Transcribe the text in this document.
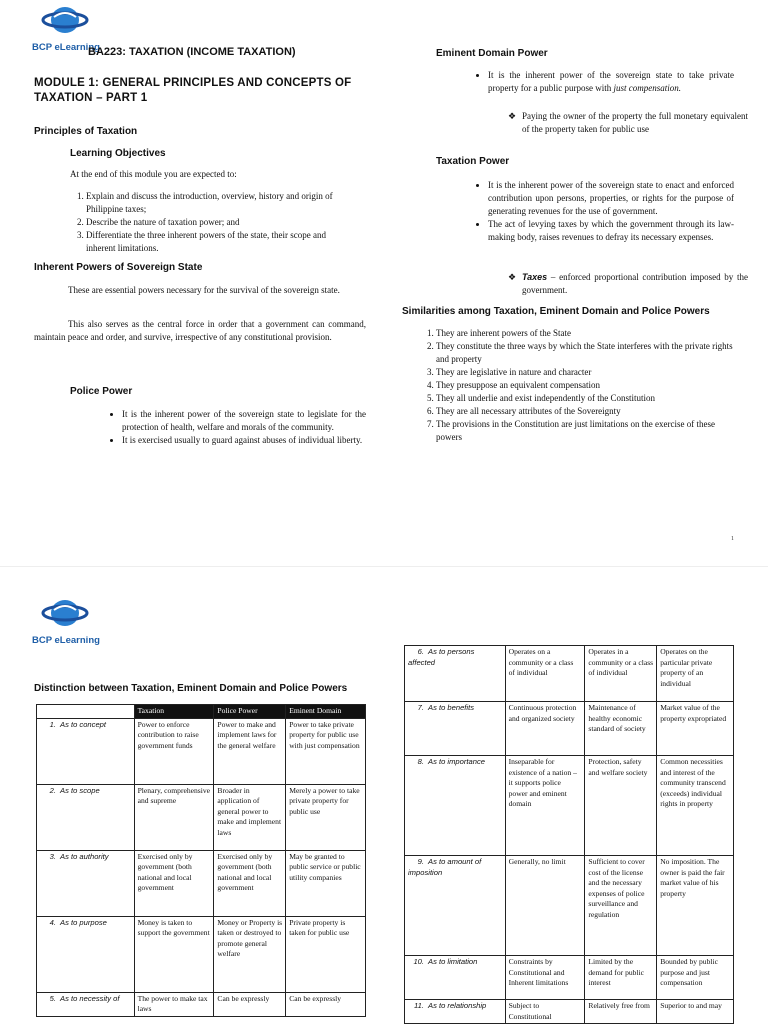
BCP eLearning
BA223: TAXATION (INCOME TAXATION)
MODULE 1: GENERAL PRINCIPLES AND CONCEPTS OF TAXATION – PART 1
Principles of Taxation
Learning Objectives
At the end of this module you are expected to:
1. Explain and discuss the introduction, overview, history and origin of Philippine taxes;
2. Describe the nature of taxation power; and
3. Differentiate the three inherent powers of the state, their scope and inherent limitations.
Inherent Powers of Sovereign State
These are essential powers necessary for the survival of the sovereign state.
This also serves as the central force in order that a government can command, maintain peace and order, and survive, irrespective of any constitutional provision.
Police Power
• It is the inherent power of the sovereign state to legislate for the protection of health, welfare and morals of the community.
• It is exercised usually to guard against abuses of individual liberty.
Eminent Domain Power
• It is the inherent power of the sovereign state to take private property for a public purpose with just compensation.
❖ Paying the owner of the property the full monetary equivalent of the property taken for public use
Taxation Power
• It is the inherent power of the sovereign state to enact and enforced contribution upon persons, properties, or rights for the purpose of generating revenues for the use of government.
• The act of levying taxes by which the government through its law-making body, raises revenues to defray its necessary expenses.
❖ Taxes – enforced proportional contribution imposed by the government.
Similarities among Taxation, Eminent Domain and Police Powers
1. They are inherent powers of the State
2. They constitute the three ways by which the State interferes with the private rights and property
3. They are legislative in nature and character
4. They presuppose an equivalent compensation
5. They all underlie and exist independently of the Constitution
6. They are all necessary attributes of the Sovereignty
7. The provisions in the Constitution are just limitations on the exercise of these powers
1
BCP eLearning
Distinction between Taxation, Eminent Domain and Police Powers
	Taxation	Police Power	Eminent Domain
1. As to concept	Power to enforce contribution to raise government funds	Power to make and implement laws for the general welfare	Power to take private property for public use with just compensation
2. As to scope	Plenary, comprehensive and supreme	Broader in application of general power to make and implement laws	Merely a power to take private property for public use
3. As to authority	Exercised only by government (both national and local government	Exercised only by government (both national and local government	May be granted to public service or public utility companies
4. As to purpose	Money is taken to support the government	Money or Property is taken or destroyed to promote general welfare	Private property is taken for public use
5. As to necessity of	The power to make tax laws	Can be expressly	Can be expressly
6. As to persons affected	Operates on a community or a class of individual	Operates in a community or a class of individual	Operates on the particular private property of an individual
7. As to benefits	Continuous protection and organized society	Maintenance of healthy economic standard of society	Market value of the property expropriated
8. As to importance	Inseparable for existence of a nation – it supports police power and eminent domain	Protection, safety and welfare society	Common necessities and interest of the community transcend (exceeds) individual rights in property
9. As to amount of imposition	Generally, no limit	Sufficient to cover cost of the license and the necessary expenses of police surveillance and regulation	No imposition. The owner is paid the fair market value of his property
10. As to limitation	Constraints by Constitutional and Inherent limitations	Limited by the demand for public interest	Bounded by public purpose and just compensation
11. As to relationship	Subject to Constitutional	Relatively free from	Superior to and may
